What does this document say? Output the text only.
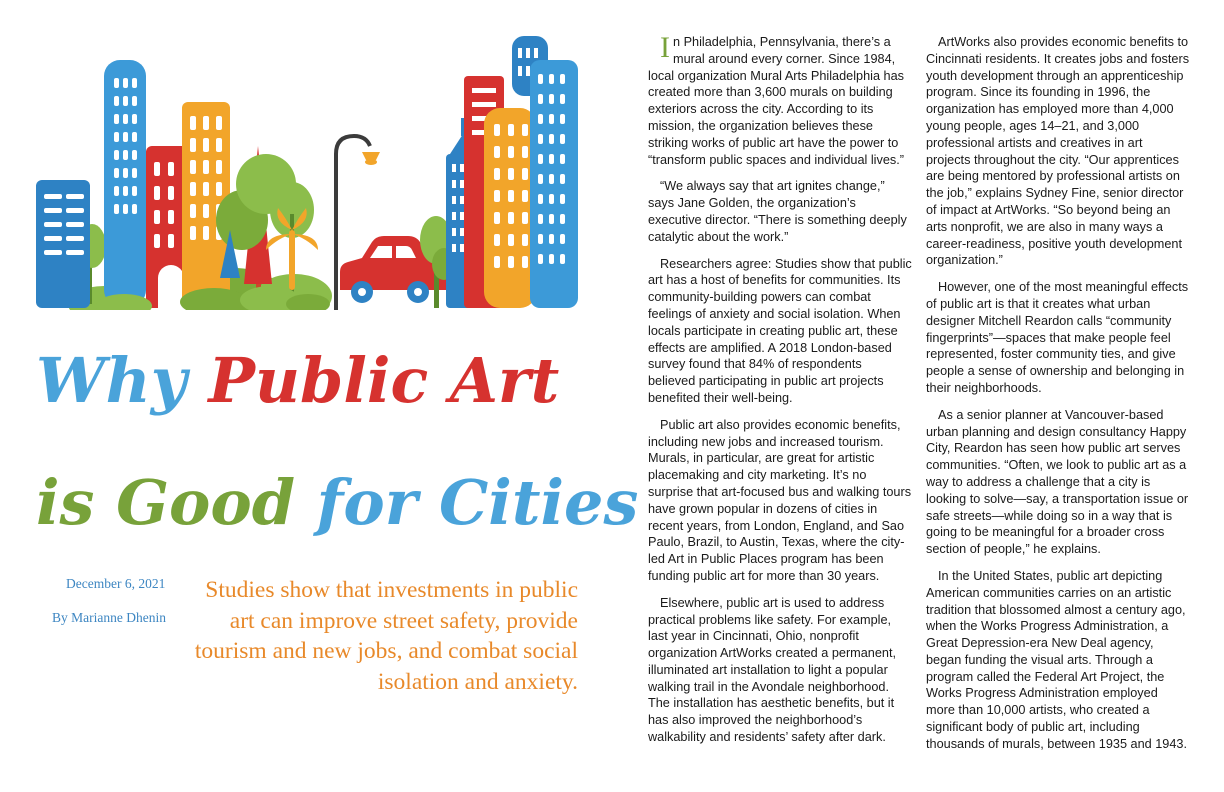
Why Public Art
is Good for Cities
December 6, 2021
By Marianne Dhenin

Studies show that investments in public art can improve street safety, provide tourism and new jobs, and combat social isolation and anxiety.

In Philadelphia, Pennsylvania, there’s a mural around every corner. Since 1984, local organization Mural Arts Philadelphia has created more than 3,600 murals on building exteriors across the city. According to its mission, the organization believes these striking works of public art have the power to “transform public spaces and individual lives.”

“We always say that art ignites change,” says Jane Golden, the organization’s executive director. “There is something deeply catalytic about the work.”

Researchers agree: Studies show that public art has a host of benefits for communities. Its community-building powers can combat feelings of anxiety and social isolation. When locals participate in creating public art, these effects are amplified. A 2018 London-based survey found that 84% of respondents believed participating in public art projects benefited their well-being.

Public art also provides economic benefits, including new jobs and increased tourism. Murals, in particular, are great for artistic placemaking and city marketing. It’s no surprise that art-focused bus and walking tours have grown popular in dozens of cities in recent years, from London, England, and Sao Paulo, Brazil, to Austin, Texas, where the city-led Art in Public Places program has been funding public art for more than 30 years.

Elsewhere, public art is used to address practical problems like safety. For example, last year in Cincinnati, Ohio, nonprofit organization ArtWorks created a permanent, illuminated art installation to light a popular walking trail in the Avondale neighborhood. The installation has aesthetic benefits, but it has also improved the neighborhood’s walkability and residents’ safety after dark.

ArtWorks also provides economic benefits to Cincinnati residents. It creates jobs and fosters youth development through an apprenticeship program. Since its founding in 1996, the organization has employed more than 4,000 young people, ages 14–21, and 3,000 professional artists and creatives in art projects throughout the city. “Our apprentices are being mentored by professional artists on the job,” explains Sydney Fine, senior director of impact at ArtWorks. “So beyond being an arts nonprofit, we are also in many ways a career-readiness, positive youth development organization.”

However, one of the most meaningful effects of public art is that it creates what urban designer Mitchell Reardon calls “community fingerprints”—spaces that make people feel represented, foster community ties, and give people a sense of ownership and belonging in their neighborhoods.

As a senior planner at Vancouver-based urban planning and design consultancy Happy City, Reardon has seen how public art serves communities. “Often, we look to public art as a way to address a challenge that a city is looking to solve—say, a transportation issue or safe streets—while doing so in a way that is going to be meaningful for a broader cross section of people,” he explains.

In the United States, public art depicting American communities carries on an artistic tradition that blossomed almost a century ago, when the Works Progress Administration, a Great Depression-era New Deal agency, began funding the visual arts. Through a program called the Federal Art Project, the Works Progress Administration employed more than 10,000 artists, who created a significant body of public art, including thousands of murals, between 1935 and 1943.
